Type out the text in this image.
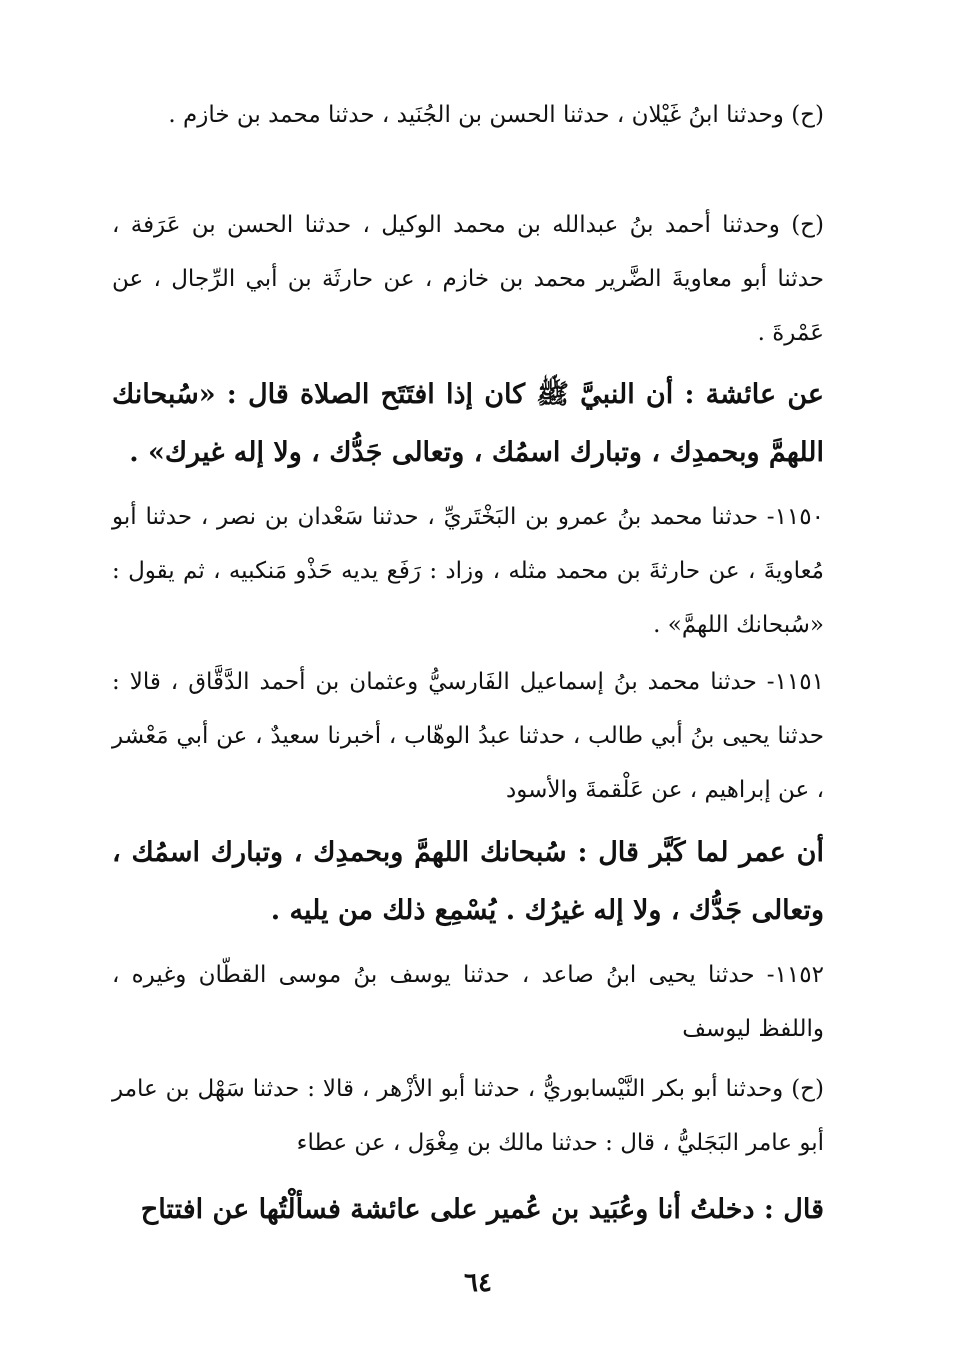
(ح) وحدثنا ابنُ غَيْلان ، حدثنا الحسن بن الجُنَيد ، حدثنا محمد بن خازم .

(ح) وحدثنا أحمد بنُ عبدالله بن محمد الوكيل ، حدثنا الحسن بن عَرَفة ، حدثنا أبو معاويةَ الضَّرير محمد بن خازم ، عن حارثَة بن أبي الرِّجال ، عن عَمْرةَ .

عن عائشة : أن النبيَّ ﷺ كان إذا افتَتَح الصلاة قال : «سُبحانك اللهمَّ وبحمدِك ، وتبارك اسمُك ، وتعالى جَدُّك ، ولا إله غيرك» .

١١٥٠- حدثنا محمد بنُ عمرو بن البَخْتَريِّ ، حدثنا سَعْدان بن نصر ، حدثنا أبو مُعاويةَ ، عن حارثةَ بن محمد مثله ، وزاد : رَفَع يديه حَذْو مَنكبيه ، ثم يقول : «سُبحانك اللهمَّ» .

١١٥١- حدثنا محمد بنُ إسماعيل الفَارسيُّ وعثمان بن أحمد الدَّقَّاق ، قالا : حدثنا يحيى بنُ أبي طالب ، حدثنا عبدُ الوهّاب ، أخبرنا سعيدٌ ، عن أبي مَعْشر ، عن إبراهيم ، عن عَلْقمةَ والأسود

أن عمر لما كَبَّر قال : سُبحانك اللهمَّ وبحمدِك ، وتبارك اسمُك ، وتعالى جَدُّك ، ولا إله غيرُك . يُسْمِع ذلك من يليه .

١١٥٢- حدثنا يحيى ابنُ صاعد ، حدثنا يوسف بنُ موسى القطّان وغيره ، واللفظ ليوسف

(ح) وحدثنا أبو بكر النَّيْسابوريُّ ، حدثنا أبو الأزْهر ، قالا : حدثنا سَهْل بن عامر أبو عامر البَجَليُّ ، قال : حدثنا مالك بن مِغْوَل ، عن عطاء

قال : دخلتُ أنا وعُبَيد بن عُمير على عائشة فسألْتُها عن افتتاح

٦٤
